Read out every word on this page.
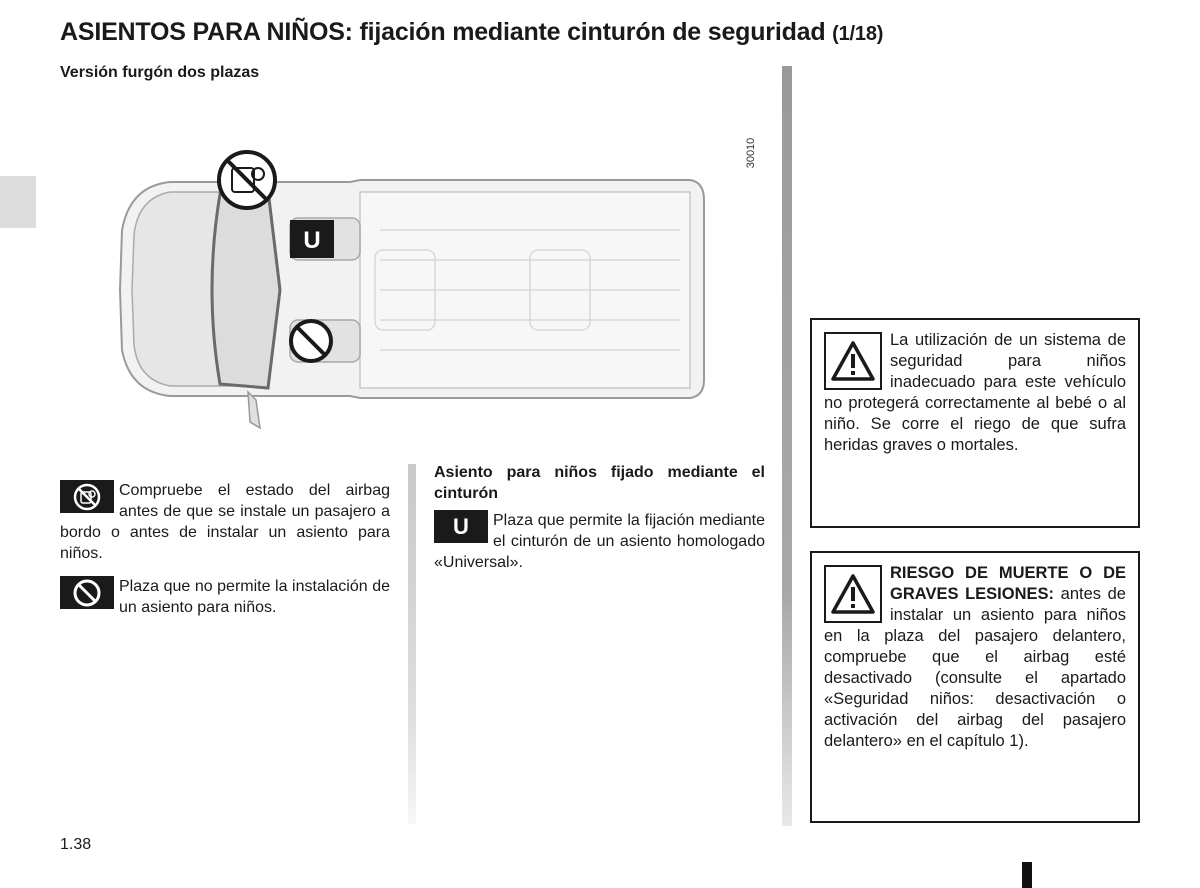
ASIENTOS PARA NIÑOS: fijación mediante cinturón de seguridad (1/18)
Versión furgón dos plazas
U
30010
Compruebe el estado del airbag antes de que se instale un pasajero a bordo o antes de instalar un asiento para niños.
Plaza que no permite la instalación de un asiento para niños.
Asiento para niños fijado mediante el cinturón
U	Plaza que permite la fijación mediante el cinturón de un asiento homologado «Universal».
La utilización de un sistema de seguridad para niños inadecuado para este vehículo no protegerá correctamente al bebé o al niño. Se corre el riego de que sufra heridas graves o mortales.
RIESGO DE MUERTE O DE GRAVES LESIONES: antes de instalar un asiento para niños en la plaza del pasajero delantero, compruebe que el airbag esté desactivado (consulte el apartado «Seguridad niños: desactivación o activación del airbag del pasajero delantero» en el capítulo 1).
1.38
